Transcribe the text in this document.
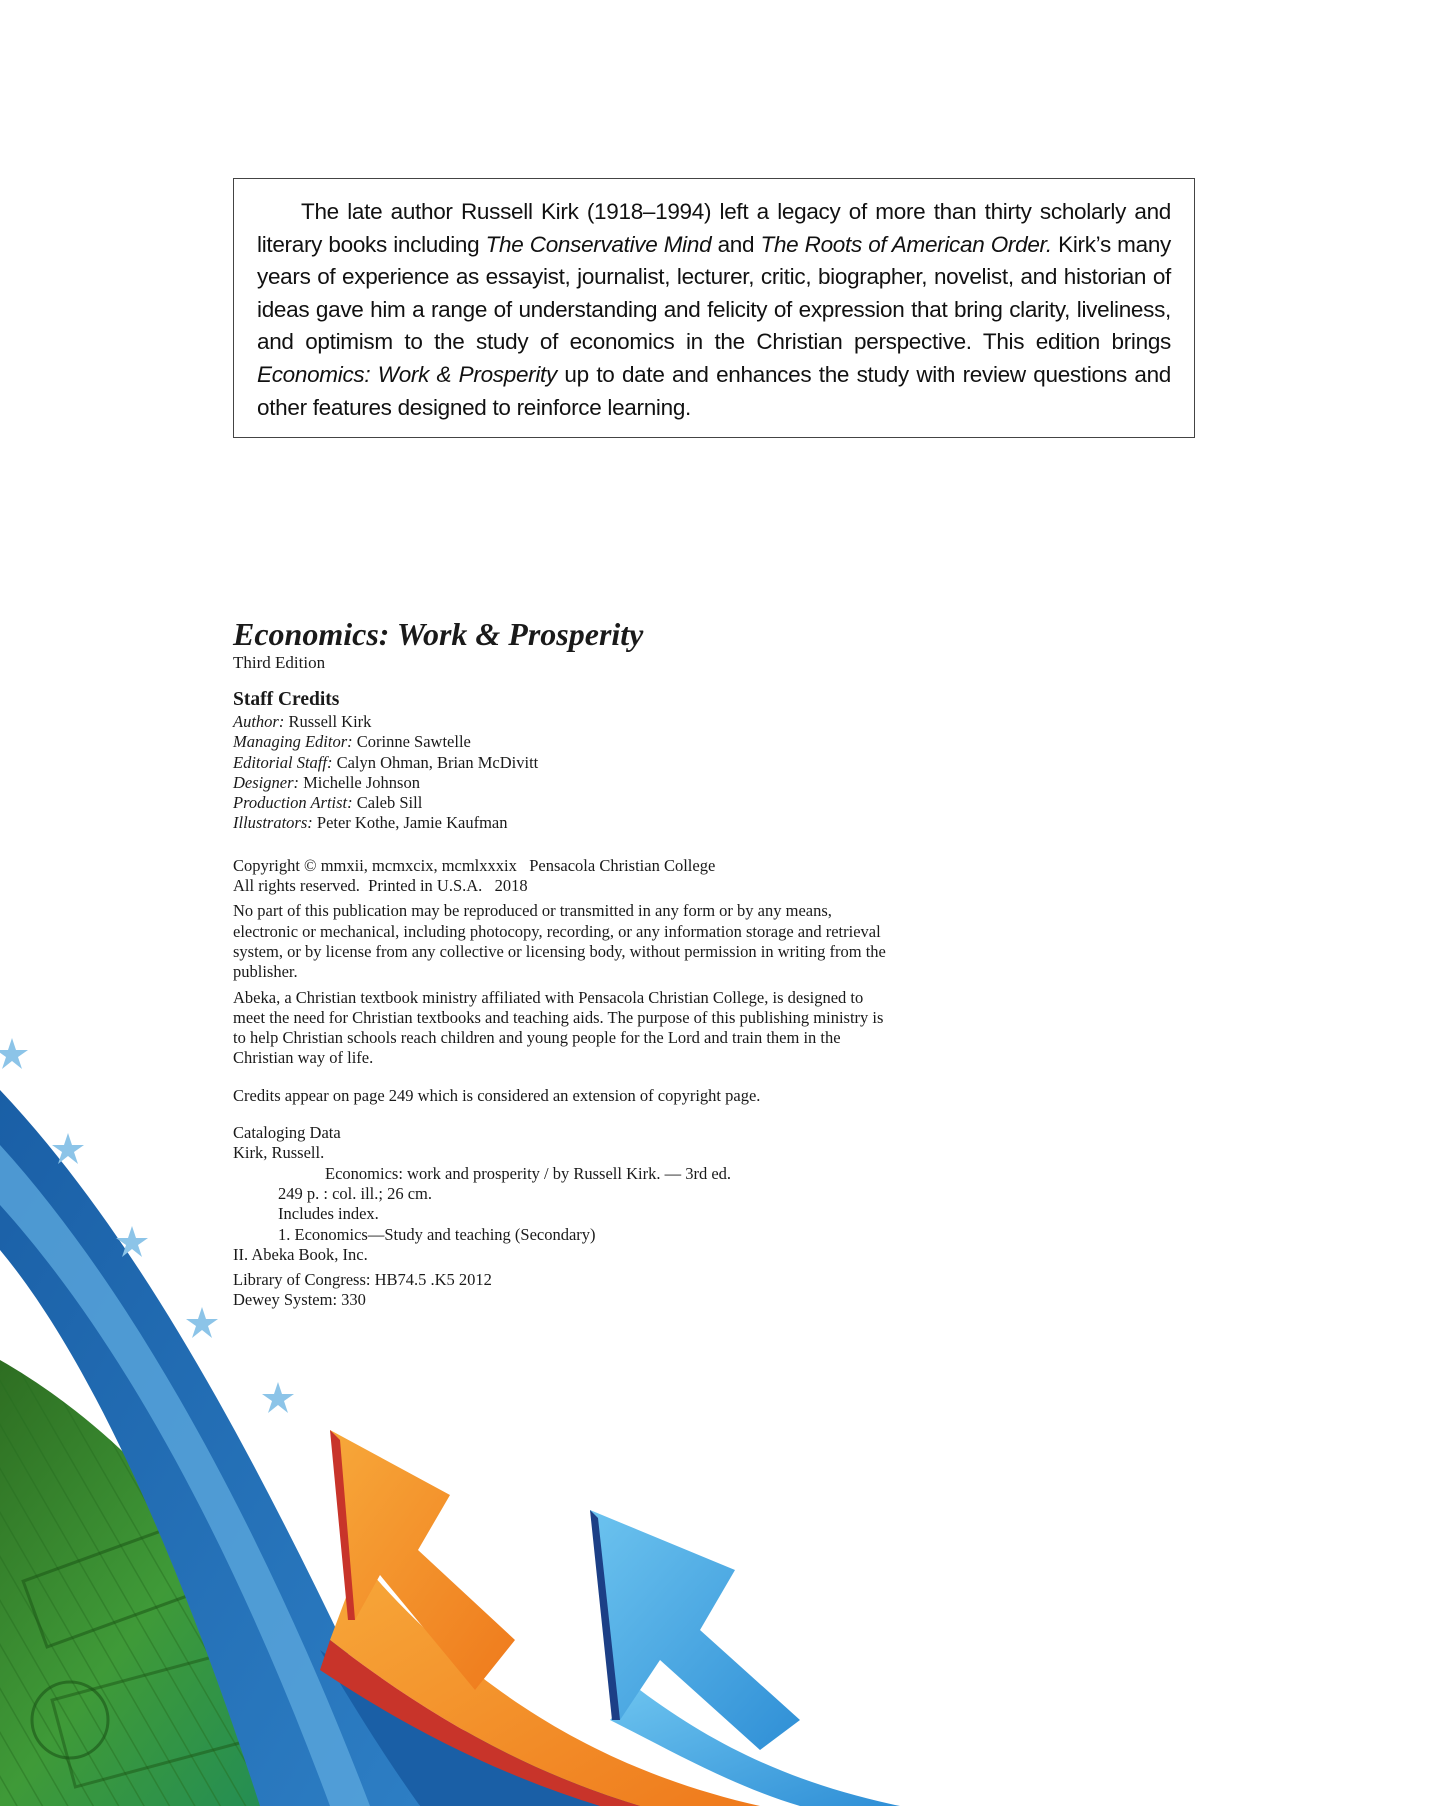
The late author Russell Kirk (1918–1994) left a legacy of more than thirty scholarly and literary books including The Conservative Mind and The Roots of American Order. Kirk’s many years of experience as essayist, journalist, lecturer, critic, biographer, novelist, and historian of ideas gave him a range of understanding and felicity of expression that bring clarity, liveliness, and optimism to the study of economics in the Christian perspective. This edition brings Economics: Work & Prosperity up to date and enhances the study with review questions and other features designed to reinforce learning.

Economics: Work & Prosperity

Third Edition

Staff Credits

Author: Russell Kirk

Managing Editor: Corinne Sawtelle

Editorial Staff: Calyn Ohman, Brian McDivitt

Designer: Michelle Johnson

Production Artist: Caleb Sill

Illustrators: Peter Kothe, Jamie Kaufman

Copyright © mmxii, mcmxcix, mcmlxxxix   Pensacola Christian College

All rights reserved.  Printed in U.S.A.   2018

No part of this publication may be reproduced or transmitted in any form or by any means, electronic or mechanical, including photocopy, recording, or any information storage and retrieval system, or by license from any collective or licensing body, without permission in writing from the publisher.

Abeka, a Christian textbook ministry affiliated with Pensacola Christian College, is designed to meet the need for Christian textbooks and teaching aids. The purpose of this publishing ministry is to help Christian schools reach children and young people for the Lord and train them in the Christian way of life.

Credits appear on page 249 which is considered an extension of copyright page.

Cataloging Data

Kirk, Russell.

Economics: work and prosperity / by Russell Kirk. — 3rd ed.

249 p. : col. ill.; 26 cm.

Includes index.

1. Economics—Study and teaching (Secondary)

II. Abeka Book, Inc.

Library of Congress: HB74.5 .K5 2012

Dewey System: 330
